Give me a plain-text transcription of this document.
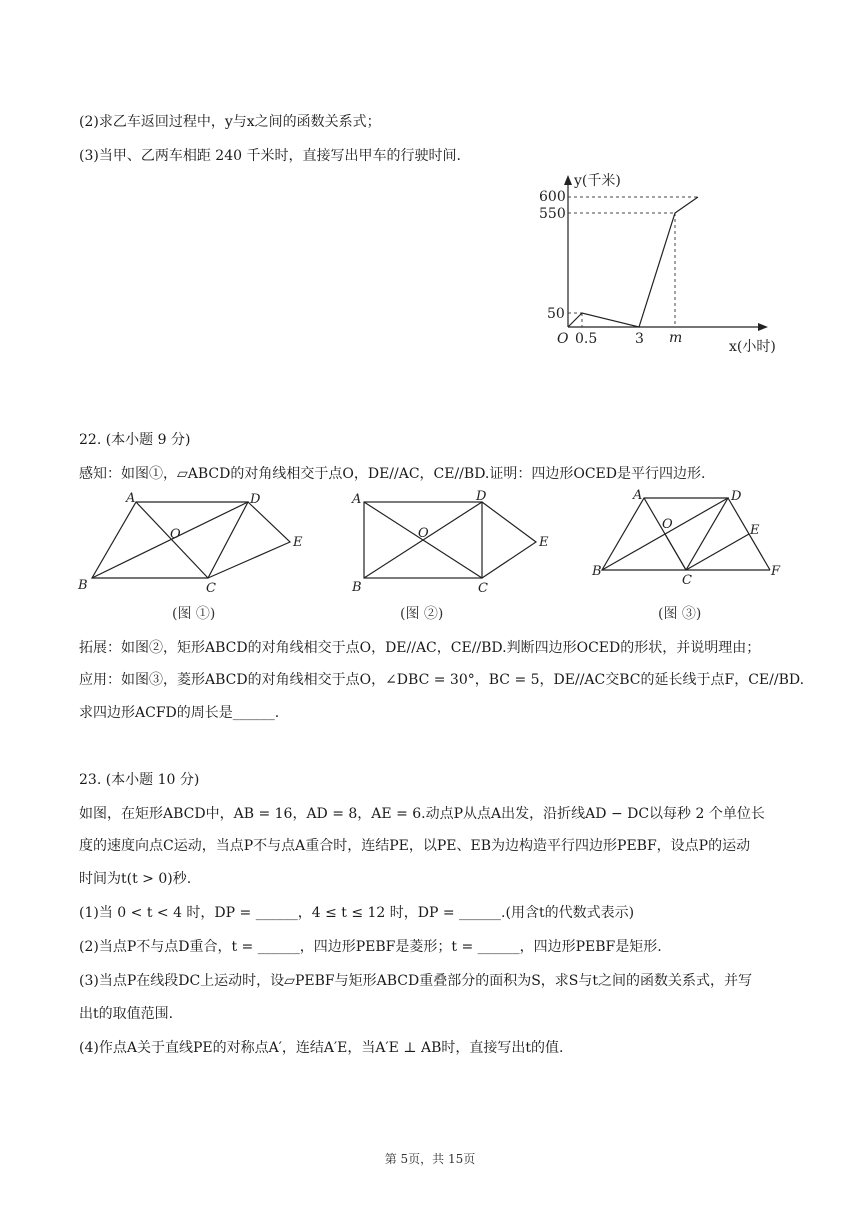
(2)求乙车返回过程中，y与x之间的函数关系式；
(3)当甲、乙两车相距 240 千米时，直接写出甲车的行驶时间.
y(千米)
x(小时)
600
550
50
O 0.5	3 m
22. (本小题 9 分)
感知：如图①，▱ABCD的对角线相交于点O，DE//AC，CE//BD.证明：四边形OCED是平行四边形.
A	D
O
E
B	C
(图 ①)
A	D
O
E
B	C
(图 ②)
A	D
O	E
B
C
F
(图 ③)
拓展：如图②，矩形ABCD的对角线相交于点O，DE//AC，CE//BD.判断四边形OCED的形状，并说明理由；
应用：如图③，菱形ABCD的对角线相交于点O，∠DBC = 30°，BC = 5，DE//AC交BC的延长线于点F，CE//BD.
求四边形ACFD的周长是______.
23. (本小题 10 分)
如图，在矩形ABCD中，AB = 16，AD = 8，AE = 6.动点P从点A出发，沿折线AD − DC以每秒 2 个单位长
度的速度向点C运动，当点P不与点A重合时，连结PE，以PE、EB为边构造平行四边形PEBF，设点P的运动
时间为t(t > 0)秒.
(1)当 0 < t < 4 时，DP = ______，4 ≤ t ≤ 12 时，DP = ______.(用含t的代数式表示)
(2)当点P不与点D重合，t = ______，四边形PEBF是菱形；t = ______，四边形PEBF是矩形.
(3)当点P在线段DC上运动时，设▱PEBF与矩形ABCD重叠部分的面积为S，求S与t之间的函数关系式，并写
出t的取值范围.
(4)作点A关于直线PE的对称点A′，连结A′E，当A′E ⊥ AB时，直接写出t的值.
第 5页，共 15页
